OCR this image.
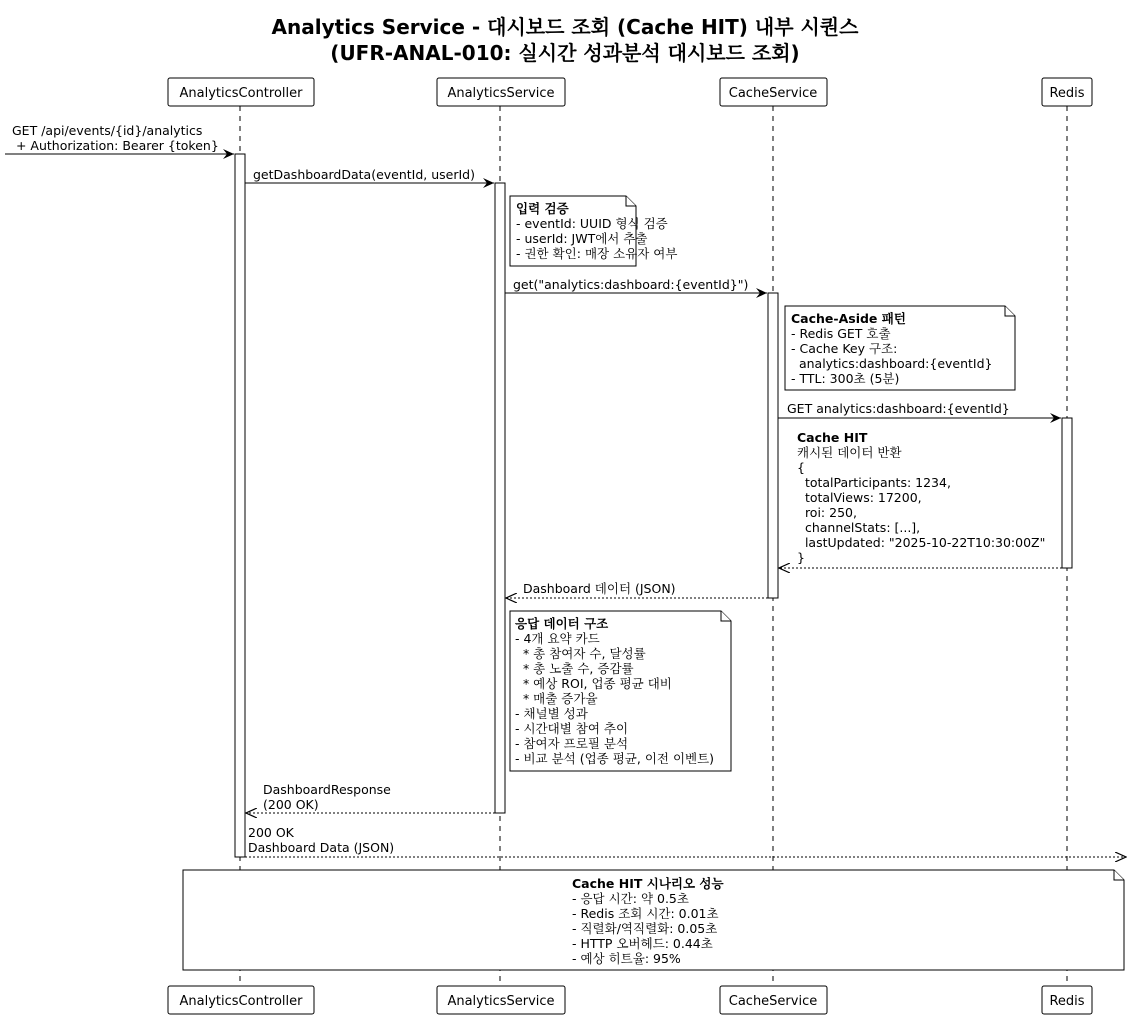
Analytics Service - 대시보드 조회 (Cache HIT) 내부 시퀀스
(UFR-ANAL-010: 실시간 성과분석 대시보드 조회)
AnalyticsController	AnalyticsService	CacheService	Redis
AnalyticsController	AnalyticsService	CacheService	Redis
GET /api/events/{id}/analytics
+ Authorization: Bearer {token}
getDashboardData(eventId, userId)
입력 검증
- eventId: UUID 형식 검증
- userId: JWT에서 추출
- 권한 확인: 매장 소유자 여부
get("analytics:dashboard:{eventId}")
Cache-Aside 패턴
- Redis GET 호출
- Cache Key 구조:
analytics:dashboard:{eventId}
- TTL: 300초 (5분)
GET analytics:dashboard:{eventId}
Cache HIT
캐시된 데이터 반환
{
totalParticipants: 1234,
totalViews: 17200,
roi: 250,
channelStats: [...],
lastUpdated: "2025-10-22T10:30:00Z"
}
Dashboard 데이터 (JSON)
응답 데이터 구조
- 4개 요약 카드
* 총 참여자 수, 달성률
* 총 노출 수, 증감률
* 예상 ROI, 업종 평균 대비
* 매출 증가율
- 채널별 성과
- 시간대별 참여 추이
- 참여자 프로필 분석
- 비교 분석 (업종 평균, 이전 이벤트)
DashboardResponse
(200 OK)
200 OK
Dashboard Data (JSON)
Cache HIT 시나리오 성능
- 응답 시간: 약 0.5초
- Redis 조회 시간: 0.01초
- 직렬화/역직렬화: 0.05초
- HTTP 오버헤드: 0.44초
- 예상 히트율: 95%
